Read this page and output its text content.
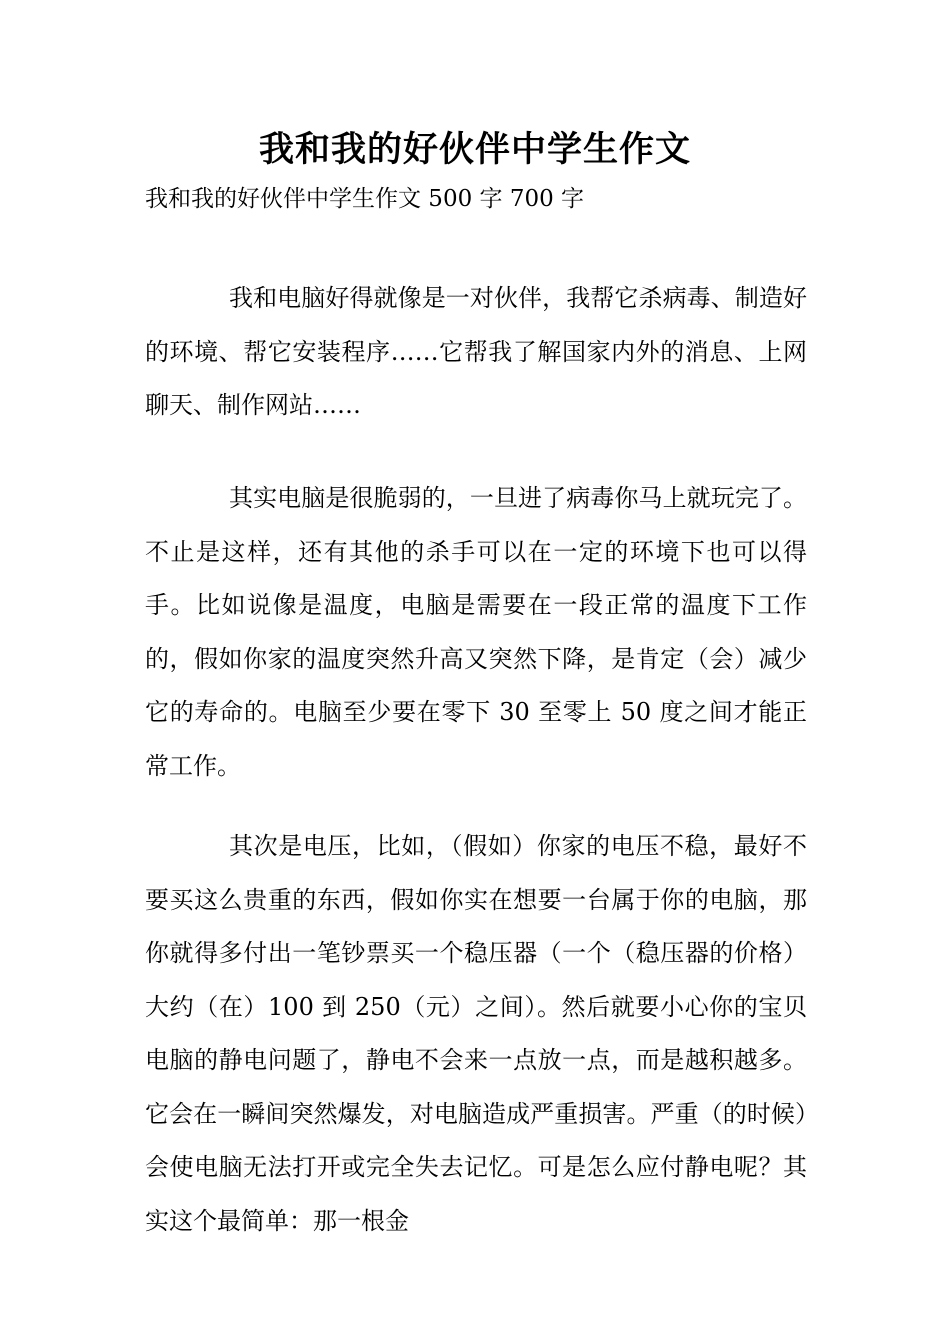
我和我的好伙伴中学生作文
我和我的好伙伴中学生作文 500 字 700 字

我和电脑好得就像是一对伙伴，我帮它杀病毒、制造好的环境、帮它安装程序……它帮我了解国家内外的消息、上网聊天、制作网站……

其实电脑是很脆弱的，一旦进了病毒你马上就玩完了。不止是这样，还有其他的杀手可以在一定的环境下也可以得手。比如说像是温度，电脑是需要在一段正常的温度下工作的，假如你家的温度突然升高又突然下降，是肯定（会）减少它的寿命的。电脑至少要在零下 30 至零上 50 度之间才能正常工作。

其次是电压，比如，（假如）你家的电压不稳，最好不要买这么贵重的东西，假如你实在想要一台属于你的电脑，那你就得多付出一笔钞票买一个稳压器（一个（稳压器的价格）大约（在）100 到 250（元）之间）。然后就要小心你的宝贝电脑的静电问题了，静电不会来一点放一点，而是越积越多。它会在一瞬间突然爆发，对电脑造成严重损害。严重（的时候）会使电脑无法打开或完全失去记忆。可是怎么应付静电呢？其实这个最简单：那一根金
